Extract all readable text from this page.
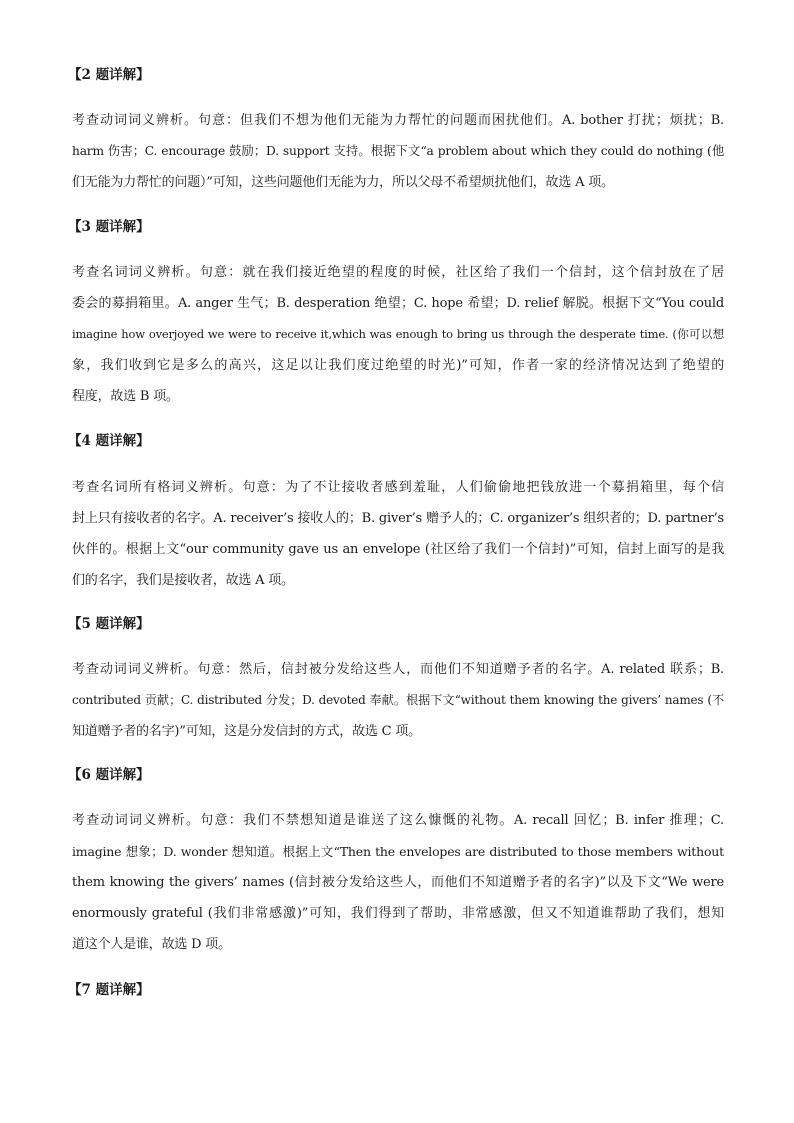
【2 题详解】
考查动词词义辨析。句意：但我们不想为他们无能为力帮忙的问题而困扰他们。A. bother 打扰；烦扰；B.
harm 伤害；C. encourage 鼓励；D. support 支持。根据下文“a problem about which they could do nothing (他
们无能为力帮忙的问题）”可知，这些问题他们无能为力，所以父母不希望烦扰他们，故选 A 项。
【3 题详解】
考查名词词义辨析。句意：就在我们接近绝望的程度的时候，社区给了我们一个信封，这个信封放在了居
委会的募捐箱里。A. anger 生气；B. desperation 绝望；C. hope 希望；D. relief 解脱。根据下文“You could
imagine how overjoyed we were to receive it,which was enough to bring us through the desperate time. (你可以想
象，我们收到它是多么的高兴，这足以让我们度过绝望的时光)”可知，作者一家的经济情况达到了绝望的
程度，故选 B 项。
【4 题详解】
考查名词所有格词义辨析。句意：为了不让接收者感到羞耻，人们偷偷地把钱放进一个募捐箱里，每个信
封上只有接收者的名字。A. receiver’s 接收人的；B. giver’s 赠予人的；C. organizer’s 组织者的；D. partner’s
伙伴的。根据上文“our community gave us an envelope (社区给了我们一个信封)”可知，信封上面写的是我
们的名字，我们是接收者，故选 A 项。
【5 题详解】
考查动词词义辨析。句意：然后，信封被分发给这些人，而他们不知道赠予者的名字。A. related 联系；B.
contributed 贡献；C. distributed 分发；D. devoted 奉献。根据下文“without them knowing the givers’ names (不
知道赠予者的名字)”可知，这是分发信封的方式，故选 C 项。
【6 题详解】
考查动词词义辨析。句意：我们不禁想知道是谁送了这么慷慨的礼物。A. recall 回忆；B. infer 推理；C.
imagine 想象；D. wonder 想知道。根据上文“Then the envelopes are distributed to those members without
them knowing the givers’ names (信封被分发给这些人，而他们不知道赠予者的名字)”以及下文“We were
enormously grateful (我们非常感激)”可知，我们得到了帮助，非常感激，但又不知道谁帮助了我们，想知
道这个人是谁，故选 D 项。
【7 题详解】
